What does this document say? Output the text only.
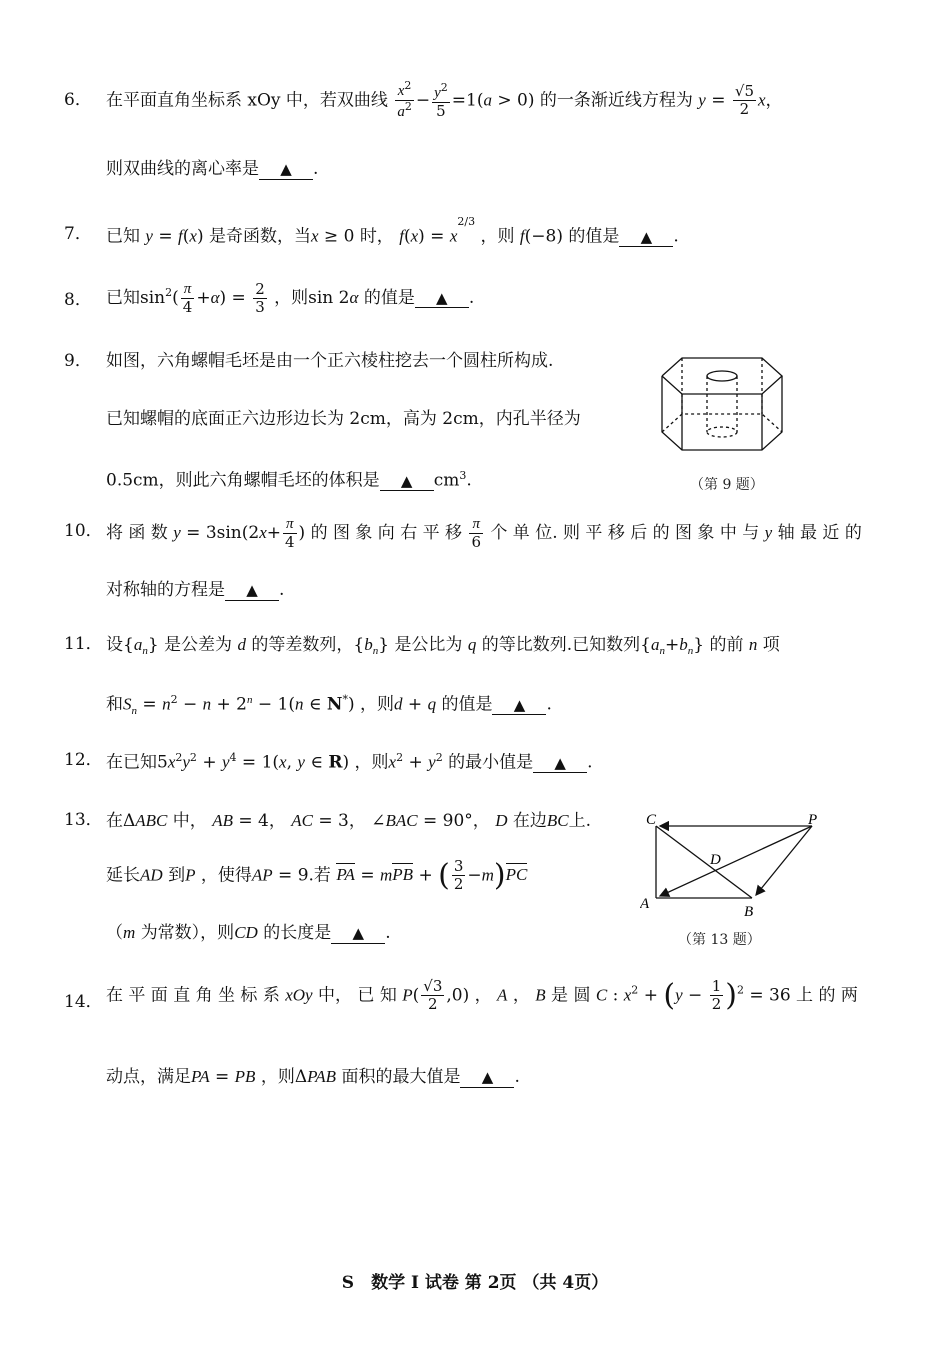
6． 在平面直角坐标系 xOy 中，若双曲线 $\frac{x^2}{a^2} - \frac{y^2}{5} =1(a > 0)$ 的一条渐近线方程为 $y = \frac{√5}{2}$ x，
则双曲线的离心率是 ▲ .
7． 已知 y = f(x) 是奇函数，当x ≥ 0 时， $f(x) = x^{2/3}$ ，则 f(−8) 的值是 ▲ .
8． 已知$\sin^2( \frac{\pi}{4} +\alpha) = \frac{2}{3}$ ，则sin 2α 的值是 ▲ .
9． 如图，六角螺帽毛坯是由一个正六棱柱挖去一个圆柱所构成.
已知螺帽的底面正六边形边长为 2cm，高为 2cm，内孔半径为
0.5cm，则此六角螺帽毛坯的体积是 ▲ $cm^3$.	（第 9 题）
10． 将 函 数 $y = 3\sin(2x+ \frac{\pi}{4}$ ) 的 图 象 向 右 平 移 $\frac{\pi}{6}$ 个 单 位. 则 平 移 后 的 图 象 中 与 y 轴 最 近 的
对称轴的方程是 ▲ .
11． 设$\{a_n\}$ 是公差为 d 的等差数列，$\{b_n\}$ 是公比为 q 的等比数列.已知数列$\{a_n+b_n\}$ 的前 n 项
和$S_n = n^2 - n + 2^n - 1(n$ ∈ N*) ，则d + q 的值是 ▲ .
12． 在已知$5x^2y^2 + y^4 = 1(x$, y ∈ R) ，则$x^2 + y^2$ 的最小值是 ▲ .
13． 在ΔABC 中， AB = 4， AC = 3， ∠BAC = 90°， D 在边BC上.
延长AD 到P ，使得AP = 9.若 PA = mPB + ( $\frac{3}{2} -m)PC$
（m 为常数），则CD 的长度是 ▲ .
C	P
D
A	B
（第 13 题）
14． 在 平 面 直 角 坐 标 系 xOy 中， 已 知 $P( \frac{√3}{2} ,0)$ ， A ， B 是 圆 C : $x^2 + (y - \frac{1}{2} )^2 = 36$ 上 的 两
动点，满足PA = PB ，则ΔPAB 面积的最大值是 ▲ .
S　数学 I 试卷 第 2页 （共 4页）
